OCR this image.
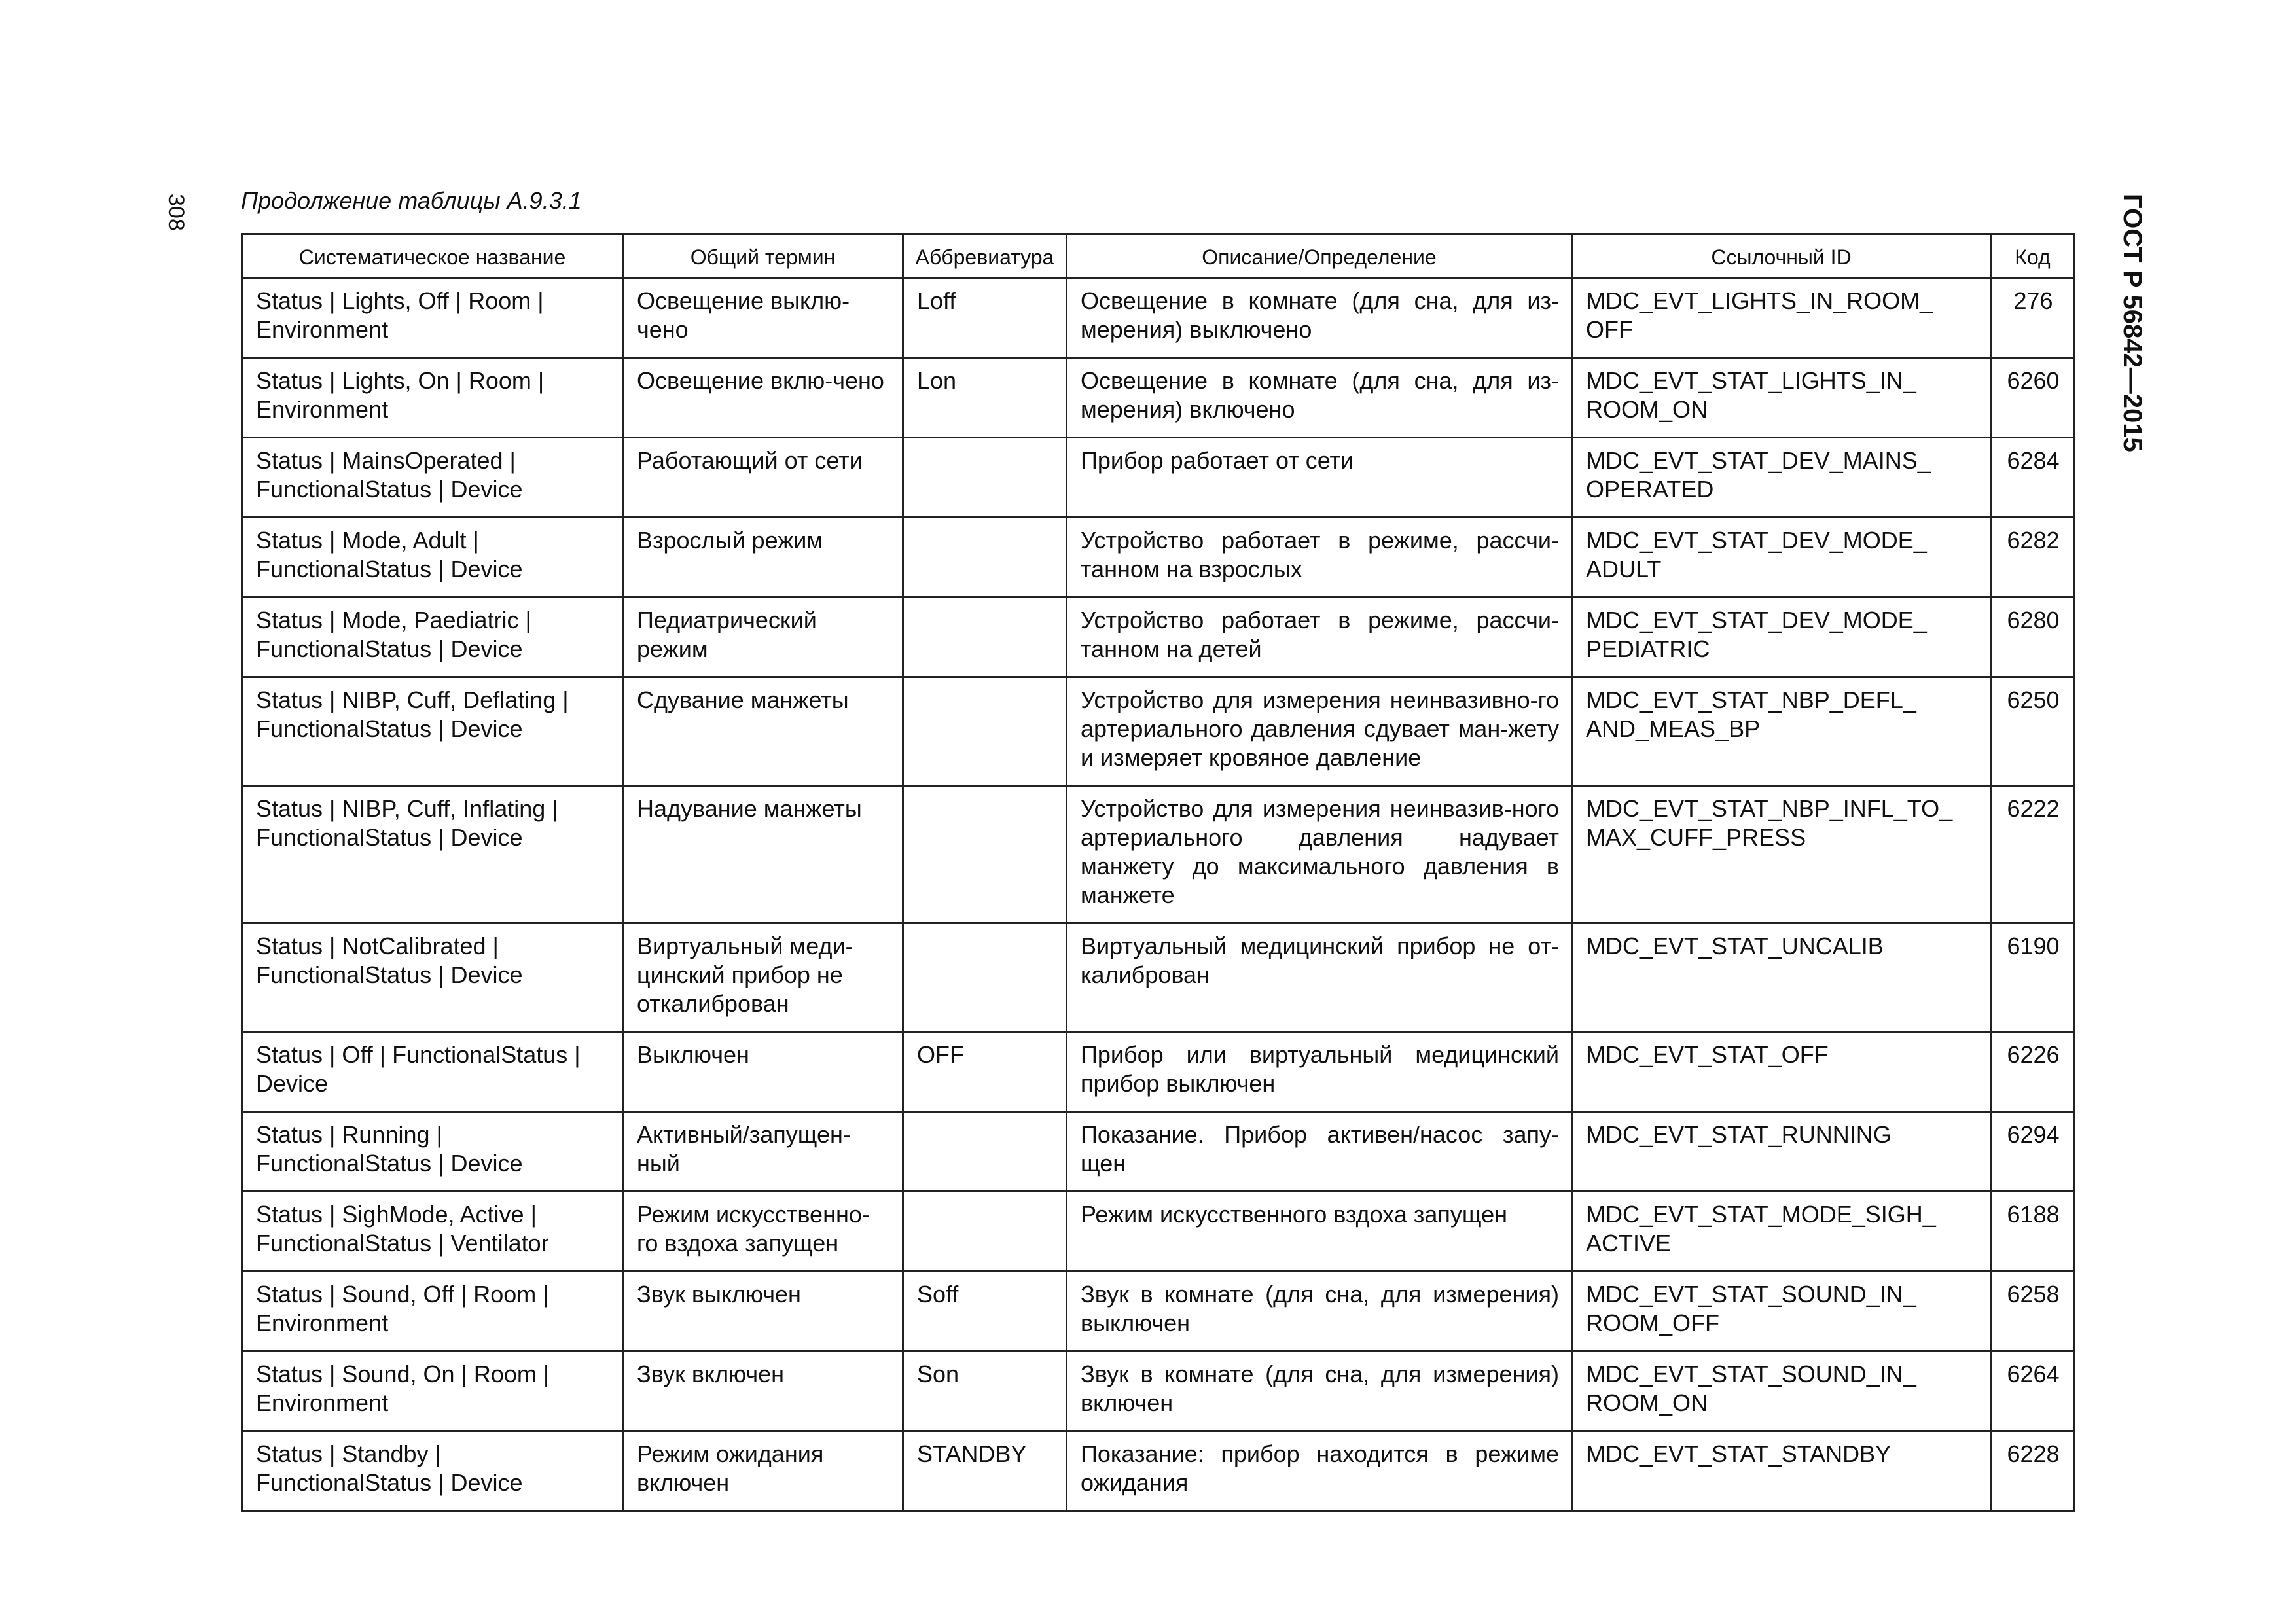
308	ГОСТ Р 56842—2015
Продолжение таблицы А.9.3.1
Систематическое название	Общий термин	Аббревиатура	Описание/Определение	Ссылочный ID	Код
Status | Lights, Off | Room | Environment	Освещение выклю-чено	Loff	Освещение в комнате (для сна, для из-мерения) выключено	MDC_EVT_LIGHTS_IN_ROOM_ OFF	276
Status | Lights, On | Room | Environment	Освещение вклю-чено	Lon	Освещение в комнате (для сна, для из-мерения) включено	MDC_EVT_STAT_LIGHTS_IN_ ROOM_ON	6260
Status | MainsOperated | FunctionalStatus | Device	Работающий от сети		Прибор работает от сети	MDC_EVT_STAT_DEV_MAINS_ OPERATED	6284
Status | Mode, Adult | FunctionalStatus | Device	Взрослый режим		Устройство работает в режиме, рассчи-танном на взрослых	MDC_EVT_STAT_DEV_MODE_ ADULT	6282
Status | Mode, Paediatric | FunctionalStatus | Device	Педиатрический режим		Устройство работает в режиме, рассчи-танном на детей	MDC_EVT_STAT_DEV_MODE_ PEDIATRIC	6280
Status | NIBP, Cuff, Deflating | FunctionalStatus | Device	Сдувание манжеты		Устройство для измерения неинвазивно-го артериального давления сдувает ман-жету и измеряет кровяное давление	MDC_EVT_STAT_NBP_DEFL_ AND_MEAS_BP	6250
Status | NIBP, Cuff, Inflating | FunctionalStatus | Device	Надувание манжеты		Устройство для измерения неинвазив-ного артериального давления надувает манжету до максимального давления в манжете	MDC_EVT_STAT_NBP_INFL_TO_ MAX_CUFF_PRESS	6222
Status | NotCalibrated | FunctionalStatus | Device	Виртуальный меди-цинский прибор не откалиброван		Виртуальный медицинский прибор не от-калиброван	MDC_EVT_STAT_UNCALIB	6190
Status | Off | FunctionalStatus | Device	Выключен	OFF	Прибор или виртуальный медицинский прибор выключен	MDC_EVT_STAT_OFF	6226
Status | Running | FunctionalStatus | Device	Активный/запущен-ный		Показание. Прибор активен/насос запу-щен	MDC_EVT_STAT_RUNNING	6294
Status | SighMode, Active | FunctionalStatus | Ventilator	Режим искусственно-го вздоха запущен		Режим искусственного вздоха запущен	MDC_EVT_STAT_MODE_SIGH_ ACTIVE	6188
Status | Sound, Off | Room | Environment	Звук выключен	Soff	Звук в комнате (для сна, для измерения) выключен	MDC_EVT_STAT_SOUND_IN_ ROOM_OFF	6258
Status | Sound, On | Room | Environment	Звук включен	Son	Звук в комнате (для сна, для измерения) включен	MDC_EVT_STAT_SOUND_IN_ ROOM_ON	6264
Status | Standby | FunctionalStatus | Device	Режим ожидания включен	STANDBY	Показание: прибор находится в режиме ожидания	MDC_EVT_STAT_STANDBY	6228
